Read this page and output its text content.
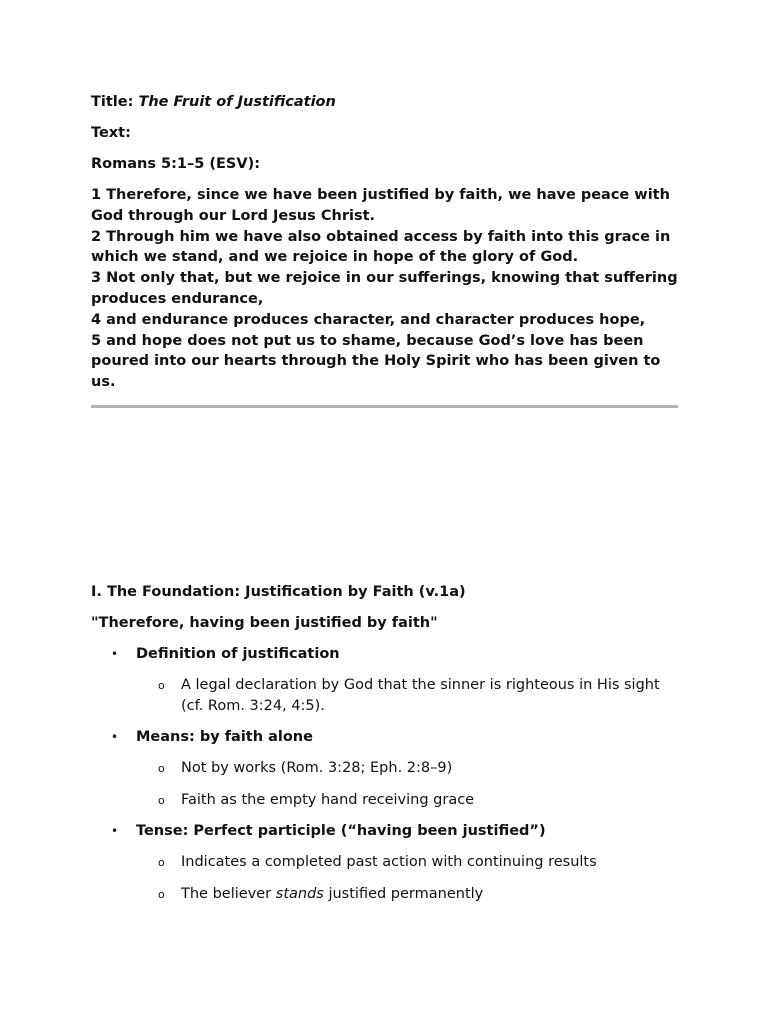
Title: The Fruit of Justification

Text:

Romans 5:1–5 (ESV):

1 Therefore, since we have been justified by faith, we have peace with God through our Lord Jesus Christ.

2 Through him we have also obtained access by faith into this grace in which we stand, and we rejoice in hope of the glory of God.

3 Not only that, but we rejoice in our sufferings, knowing that suffering produces endurance,

4 and endurance produces character, and character produces hope,

5 and hope does not put us to shame, because God’s love has been poured into our hearts through the Holy Spirit who has been given to us.

I. The Foundation: Justification by Faith (v.1a)

"Therefore, having been justified by faith"

• Definition of justification
o A legal declaration by God that the sinner is righteous in His sight (cf. Rom. 3:24, 4:5).
• Means: by faith alone
o Not by works (Rom. 3:28; Eph. 2:8–9)
o Faith as the empty hand receiving grace
• Tense: Perfect participle (“having been justified”)
o Indicates a completed past action with continuing results
o The believer stands justified permanently
